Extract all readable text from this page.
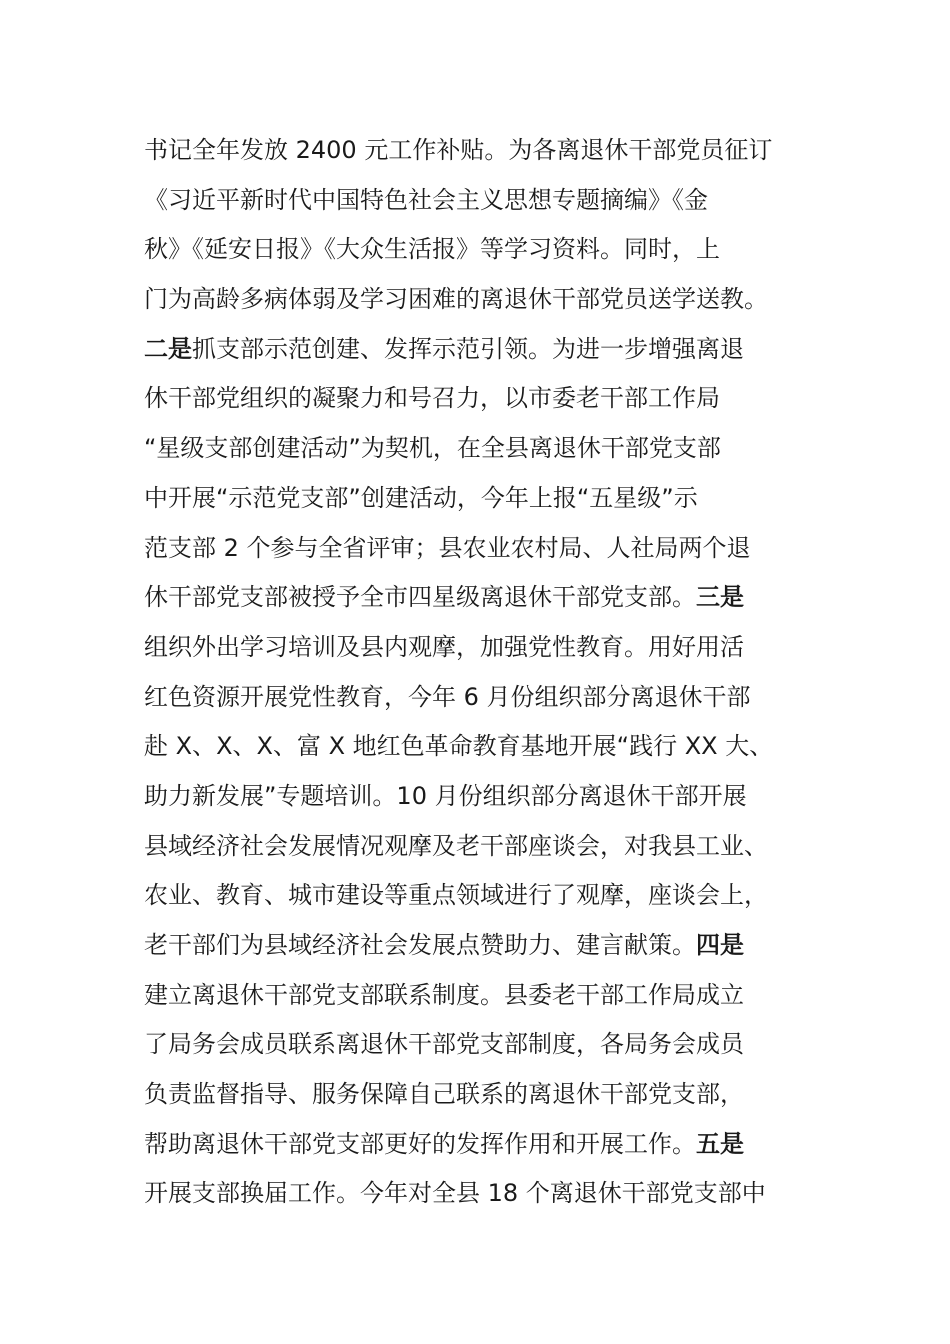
书记全年发放 2400 元工作补贴。为各离退休干部党员征订
《习近平新时代中国特色社会主义思想专题摘编》《金
秋》《延安日报》《大众生活报》等学习资料。同时，上
门为高龄多病体弱及学习困难的离退休干部党员送学送教。
二是抓支部示范创建、发挥示范引领。为进一步增强离退
休干部党组织的凝聚力和号召力，以市委老干部工作局
“星级支部创建活动”为契机，在全县离退休干部党支部
中开展“示范党支部”创建活动，今年上报“五星级”示
范支部 2 个参与全省评审；县农业农村局、人社局两个退
休干部党支部被授予全市四星级离退休干部党支部。三是
组织外出学习培训及县内观摩，加强党性教育。用好用活
红色资源开展党性教育，今年 6 月份组织部分离退休干部
赴 X、X、X、富 X 地红色革命教育基地开展“践行 XX 大、
助力新发展”专题培训。10 月份组织部分离退休干部开展
县域经济社会发展情况观摩及老干部座谈会，对我县工业、
农业、教育、城市建设等重点领域进行了观摩，座谈会上，
老干部们为县域经济社会发展点赞助力、建言献策。四是
建立离退休干部党支部联系制度。县委老干部工作局成立
了局务会成员联系离退休干部党支部制度，各局务会成员
负责监督指导、服务保障自己联系的离退休干部党支部，
帮助离退休干部党支部更好的发挥作用和开展工作。五是
开展支部换届工作。今年对全县 18 个离退休干部党支部中
